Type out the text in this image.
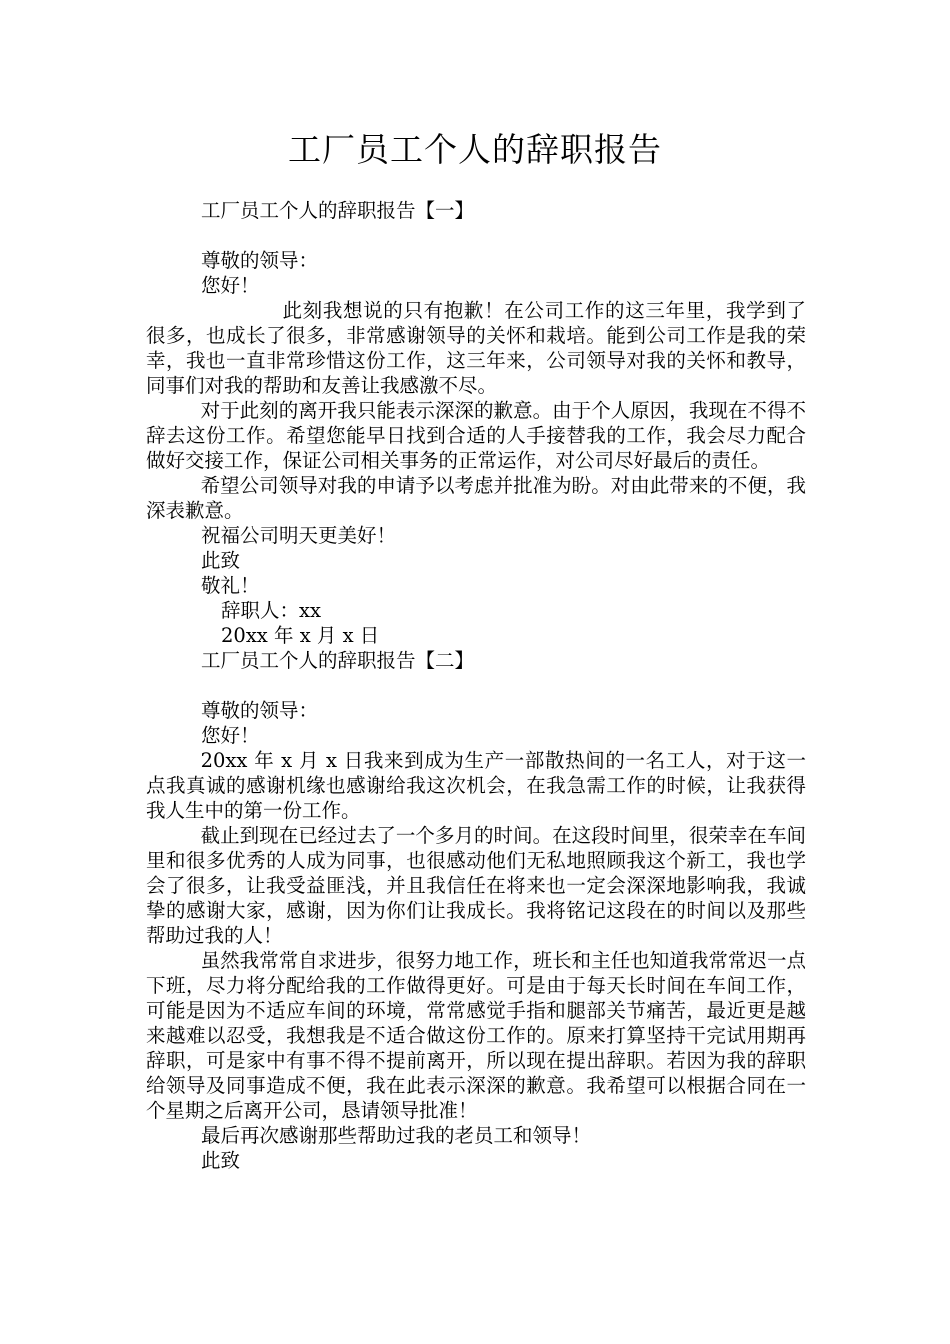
工厂员工个人的辞职报告
工厂员工个人的辞职报告【一】
尊敬的领导：
您好！

此刻我想说的只有抱歉！在公司工作的这三年里，我学到了很多，也成长了很多，非常感谢领导的关怀和栽培。能到公司工作是我的荣幸，我也一直非常珍惜这份工作，这三年来，公司领导对我的关怀和教导，同事们对我的帮助和友善让我感激不尽。

对于此刻的离开我只能表示深深的歉意。由于个人原因，我现在不得不辞去这份工作。希望您能早日找到合适的人手接替我的工作，我会尽力配合做好交接工作，保证公司相关事务的正常运作，对公司尽好最后的责任。

希望公司领导对我的申请予以考虑并批准为盼。对由此带来的不便，我深表歉意。

祝福公司明天更美好！
此致
敬礼！
辞职人：xx
20xx 年 x 月 x 日
工厂员工个人的辞职报告【二】
尊敬的领导：
您好！

20xx 年 x 月 x 日我来到成为生产一部散热间的一名工人，对于这一点我真诚的感谢机缘也感谢给我这次机会，在我急需工作的时候，让我获得我人生中的第一份工作。

截止到现在已经过去了一个多月的时间。在这段时间里，很荣幸在车间里和很多优秀的人成为同事，也很感动他们无私地照顾我这个新工，我也学会了很多，让我受益匪浅，并且我信任在将来也一定会深深地影响我，我诚挚的感谢大家，感谢，因为你们让我成长。我将铭记这段在的时间以及那些帮助过我的人！

虽然我常常自求进步，很努力地工作，班长和主任也知道我常常迟一点下班，尽力将分配给我的工作做得更好。可是由于每天长时间在车间工作，可能是因为不适应车间的环境，常常感觉手指和腿部关节痛苦，最近更是越来越难以忍受，我想我是不适合做这份工作的。原来打算坚持干完试用期再辞职，可是家中有事不得不提前离开，所以现在提出辞职。若因为我的辞职给领导及同事造成不便，我在此表示深深的歉意。我希望可以根据合同在一个星期之后离开公司，恳请领导批准！

最后再次感谢那些帮助过我的老员工和领导！
此致
